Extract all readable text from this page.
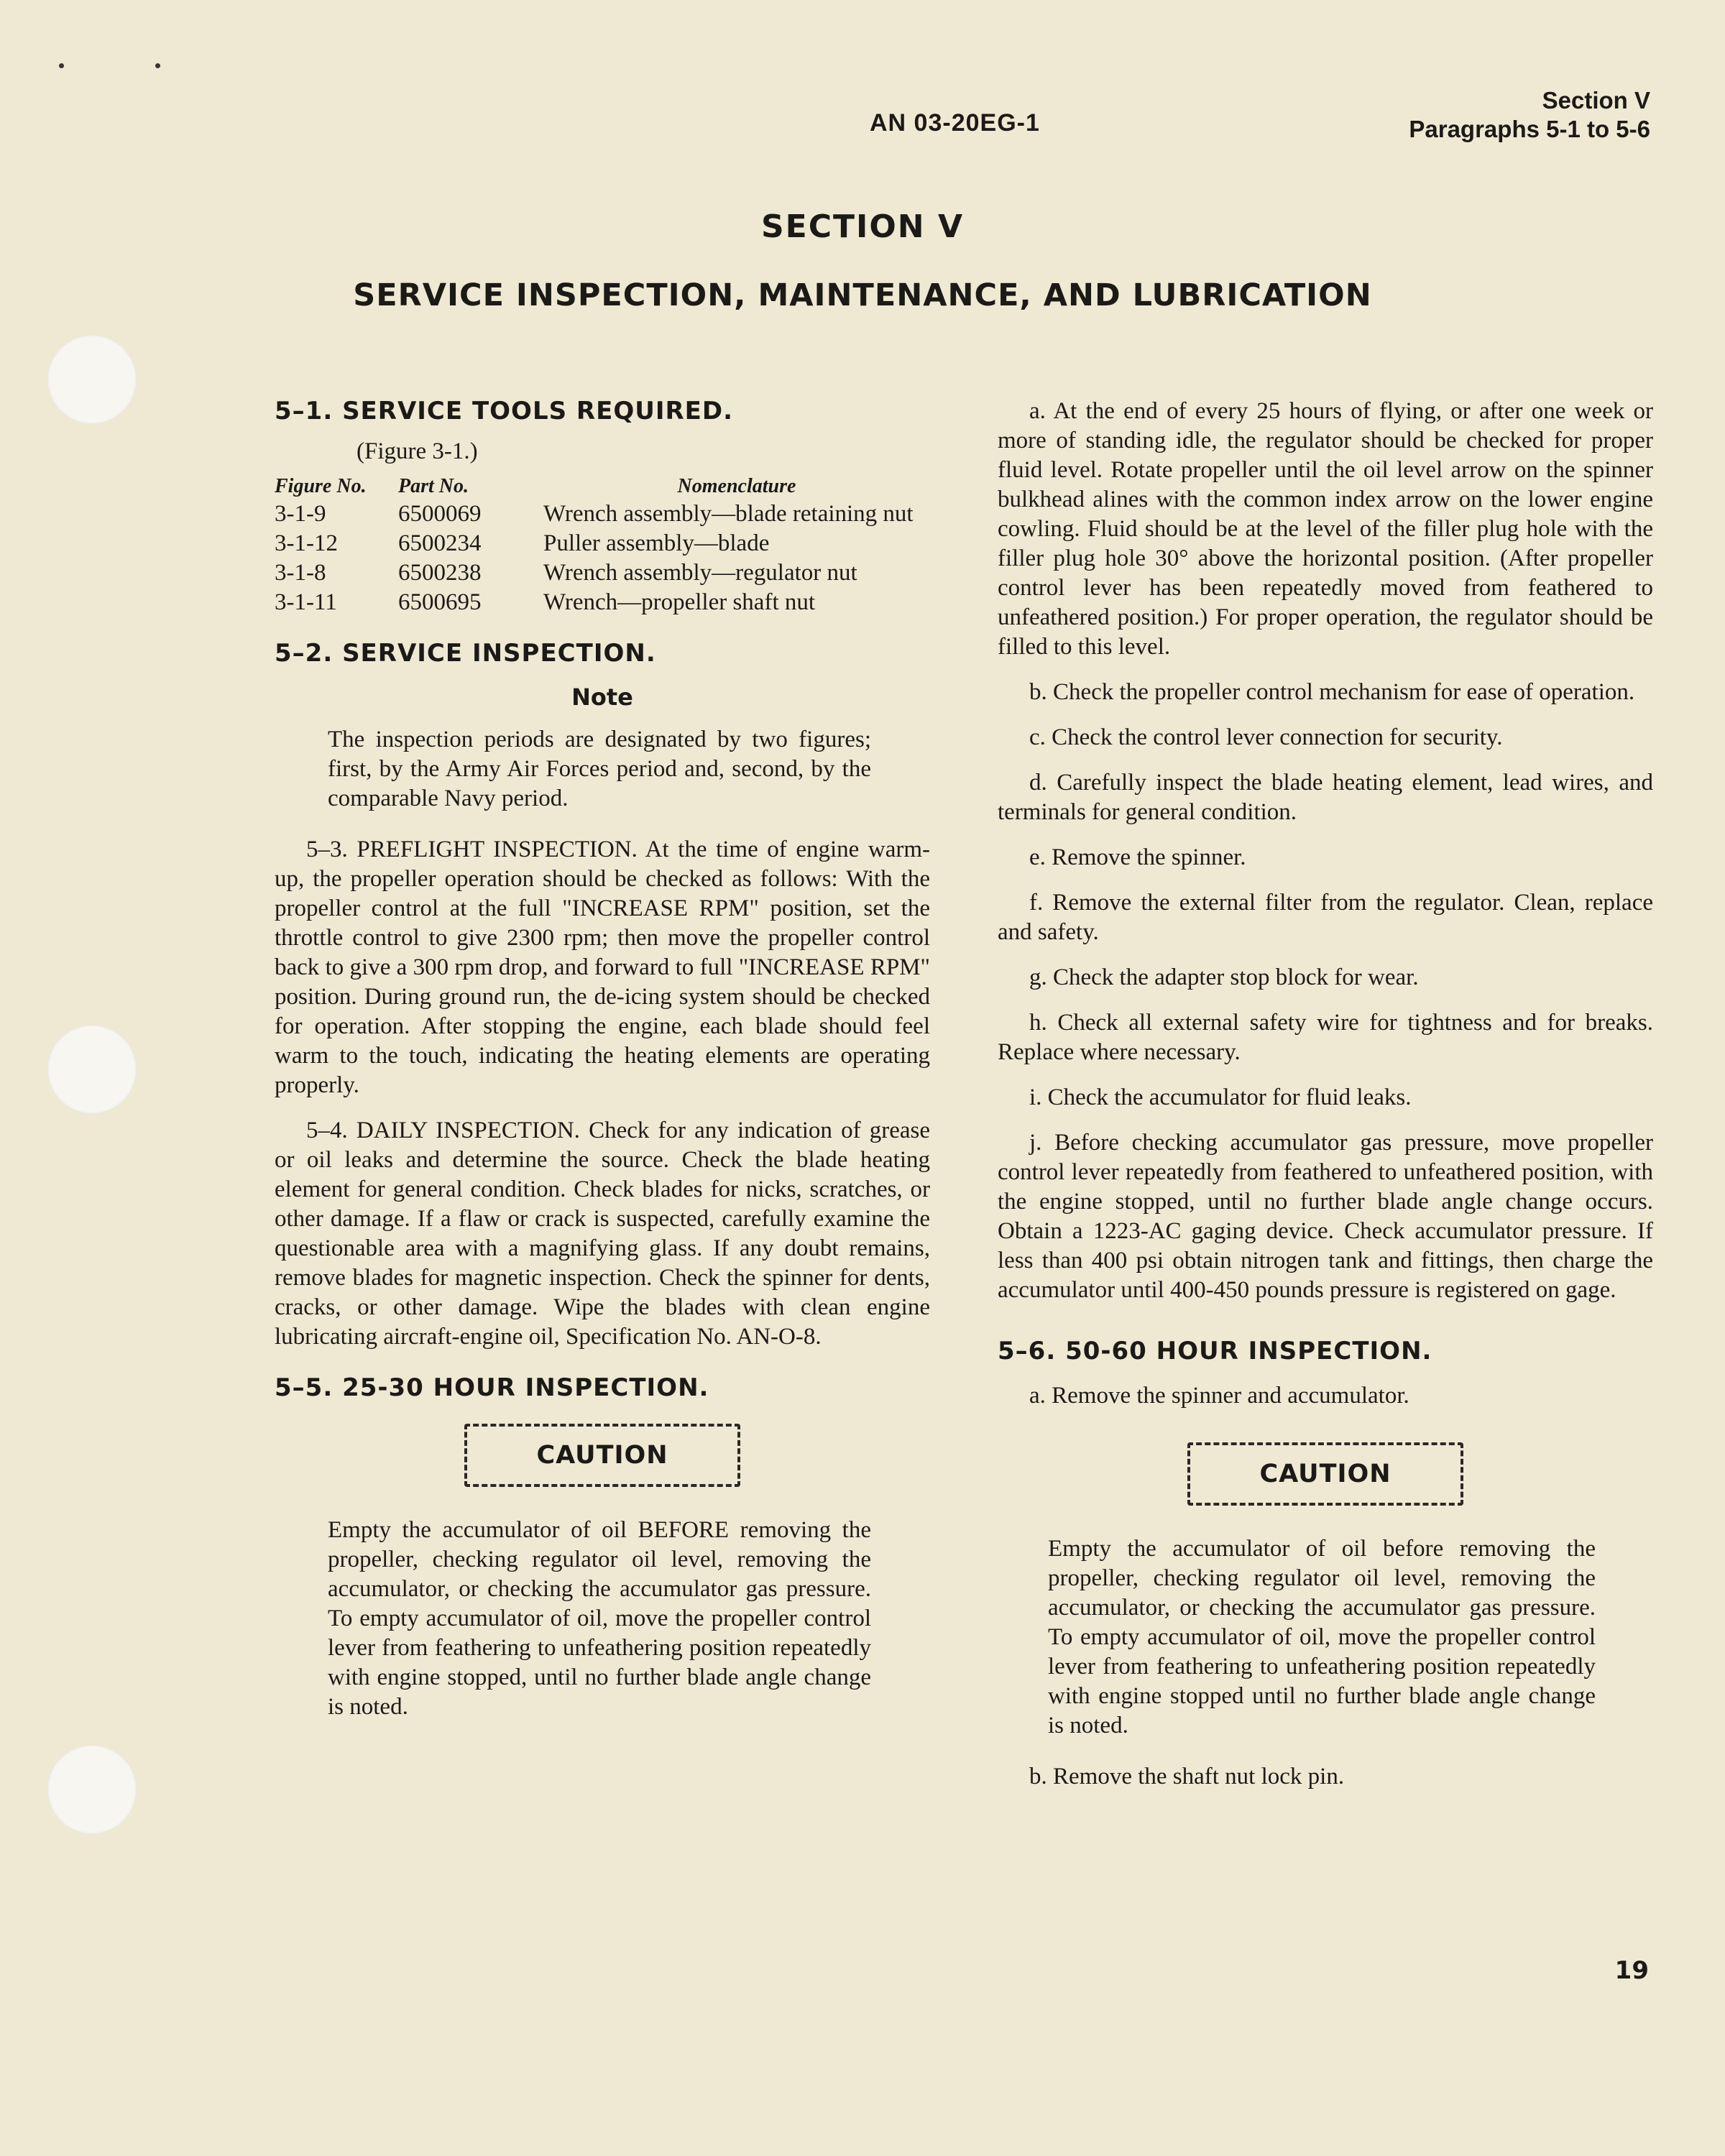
AN 03-20EG-1
Section V
Paragraphs 5-1 to 5-6
SECTION V
SERVICE INSPECTION, MAINTENANCE, AND LUBRICATION

5–1. SERVICE TOOLS REQUIRED.

(Figure 3-1.)
Figure No.	Part No.	Nomenclature
3-1-9	6500069	Wrench assembly—blade retaining nut
3-1-12	6500234	Puller assembly—blade
3-1-8	6500238	Wrench assembly—regulator nut
3-1-11	6500695	Wrench—propeller shaft nut

5–2. SERVICE INSPECTION.

Note

The inspection periods are designated by two figures; first, by the Army Air Forces period and, second, by the comparable Navy period.

5–3. PREFLIGHT INSPECTION. At the time of engine warm-up, the propeller operation should be checked as follows: With the propeller control at the full "INCREASE RPM" position, set the throttle control to give 2300 rpm; then move the propeller control back to give a 300 rpm drop, and forward to full "INCREASE RPM" position. During ground run, the de-icing system should be checked for operation. After stopping the engine, each blade should feel warm to the touch, indicating the heating elements are operating properly.

5–4. DAILY INSPECTION. Check for any indication of grease or oil leaks and determine the source. Check the blade heating element for general condition. Check blades for nicks, scratches, or other damage. If a flaw or crack is suspected, carefully examine the questionable area with a magnifying glass. If any doubt remains, remove blades for magnetic inspection. Check the spinner for dents, cracks, or other damage. Wipe the blades with clean engine lubricating aircraft-engine oil, Specification No. AN-O-8.

5–5. 25-30 HOUR INSPECTION.

CAUTION

Empty the accumulator of oil BEFORE removing the propeller, checking regulator oil level, removing the accumulator, or checking the accumulator gas pressure. To empty accumulator of oil, move the propeller control lever from feathering to unfeathering position repeatedly with engine stopped, until no further blade angle change is noted.

a. At the end of every 25 hours of flying, or after one week or more of standing idle, the regulator should be checked for proper fluid level. Rotate propeller until the oil level arrow on the spinner bulkhead alines with the common index arrow on the lower engine cowling. Fluid should be at the level of the filler plug hole with the filler plug hole 30° above the horizontal position. (After propeller control lever has been repeatedly moved from feathered to unfeathered position.) For proper operation, the regulator should be filled to this level.

b. Check the propeller control mechanism for ease of operation.

c. Check the control lever connection for security.

d. Carefully inspect the blade heating element, lead wires, and terminals for general condition.

e. Remove the spinner.

f. Remove the external filter from the regulator. Clean, replace and safety.

g. Check the adapter stop block for wear.

h. Check all external safety wire for tightness and for breaks. Replace where necessary.

i. Check the accumulator for fluid leaks.

j. Before checking accumulator gas pressure, move propeller control lever repeatedly from feathered to unfeathered position, with the engine stopped, until no further blade angle change occurs. Obtain a 1223-AC gaging device. Check accumulator pressure. If less than 400 psi obtain nitrogen tank and fittings, then charge the accumulator until 400-450 pounds pressure is registered on gage.

5–6. 50-60 HOUR INSPECTION.

a. Remove the spinner and accumulator.

CAUTION

Empty the accumulator of oil before removing the propeller, checking regulator oil level, removing the accumulator, or checking the accumulator gas pressure. To empty accumulator of oil, move the propeller control lever from feathering to unfeathering position repeatedly with engine stopped until no further blade angle change is noted.

b. Remove the shaft nut lock pin.

19
